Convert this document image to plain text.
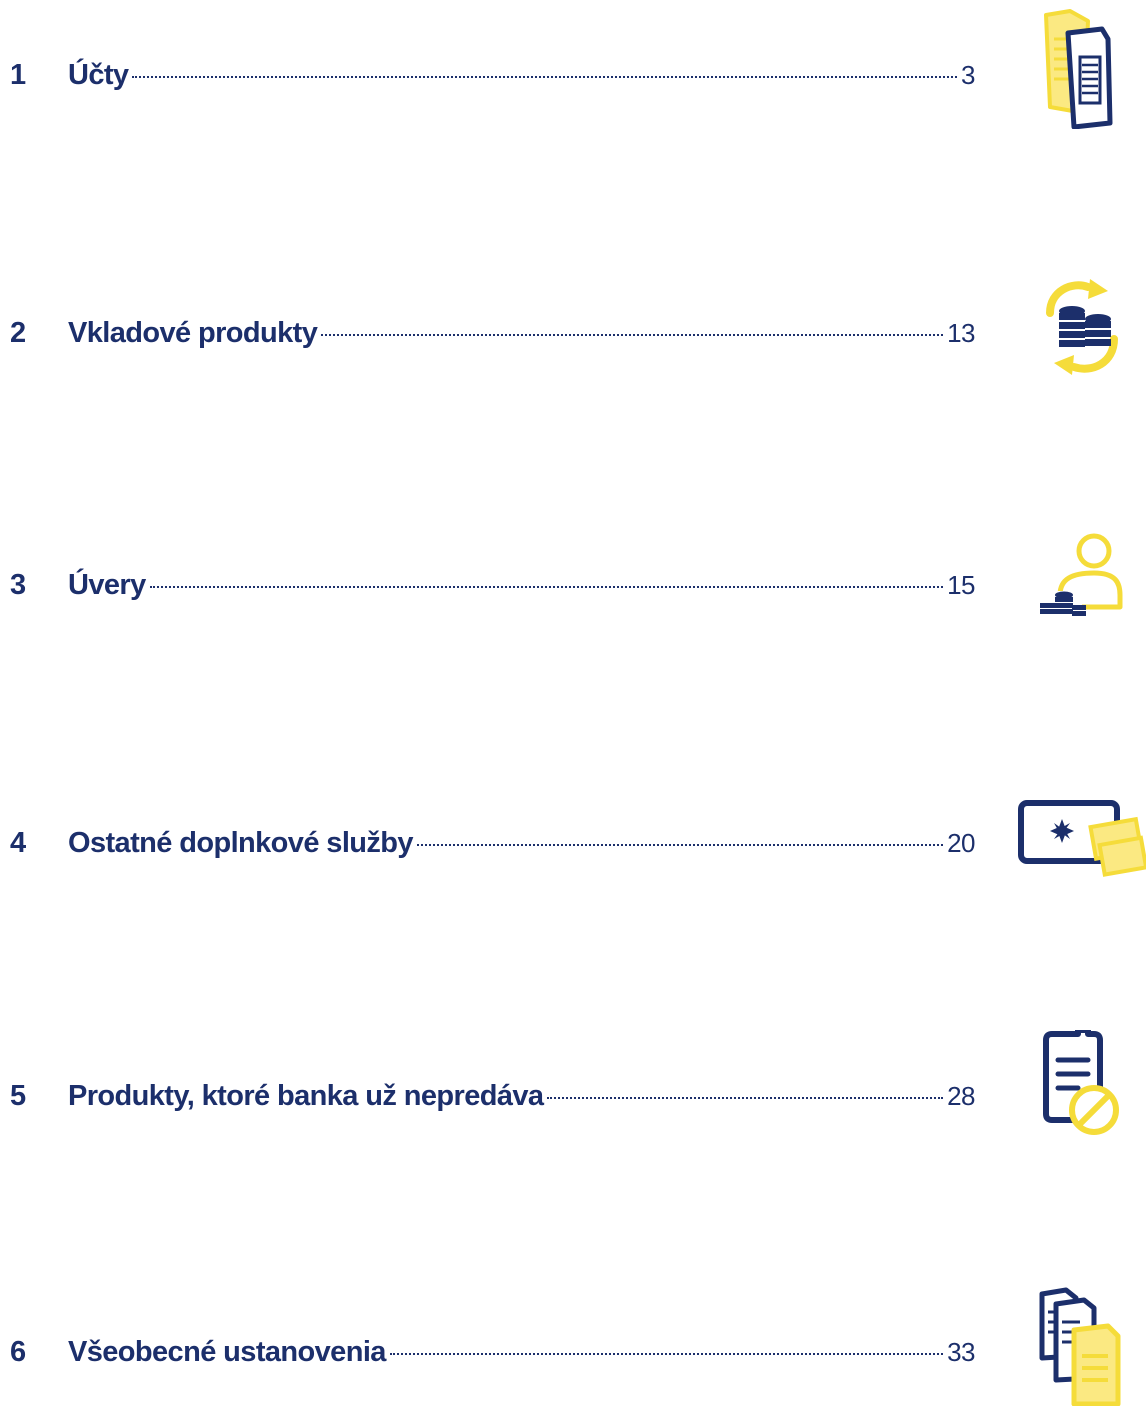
1	Účty	3
2	Vkladové produkty	13
3	Úvery	15
4	Ostatné doplnkové služby	20
5	Produkty, ktoré banka už nepredáva	28
6	Všeobecné ustanovenia	33
